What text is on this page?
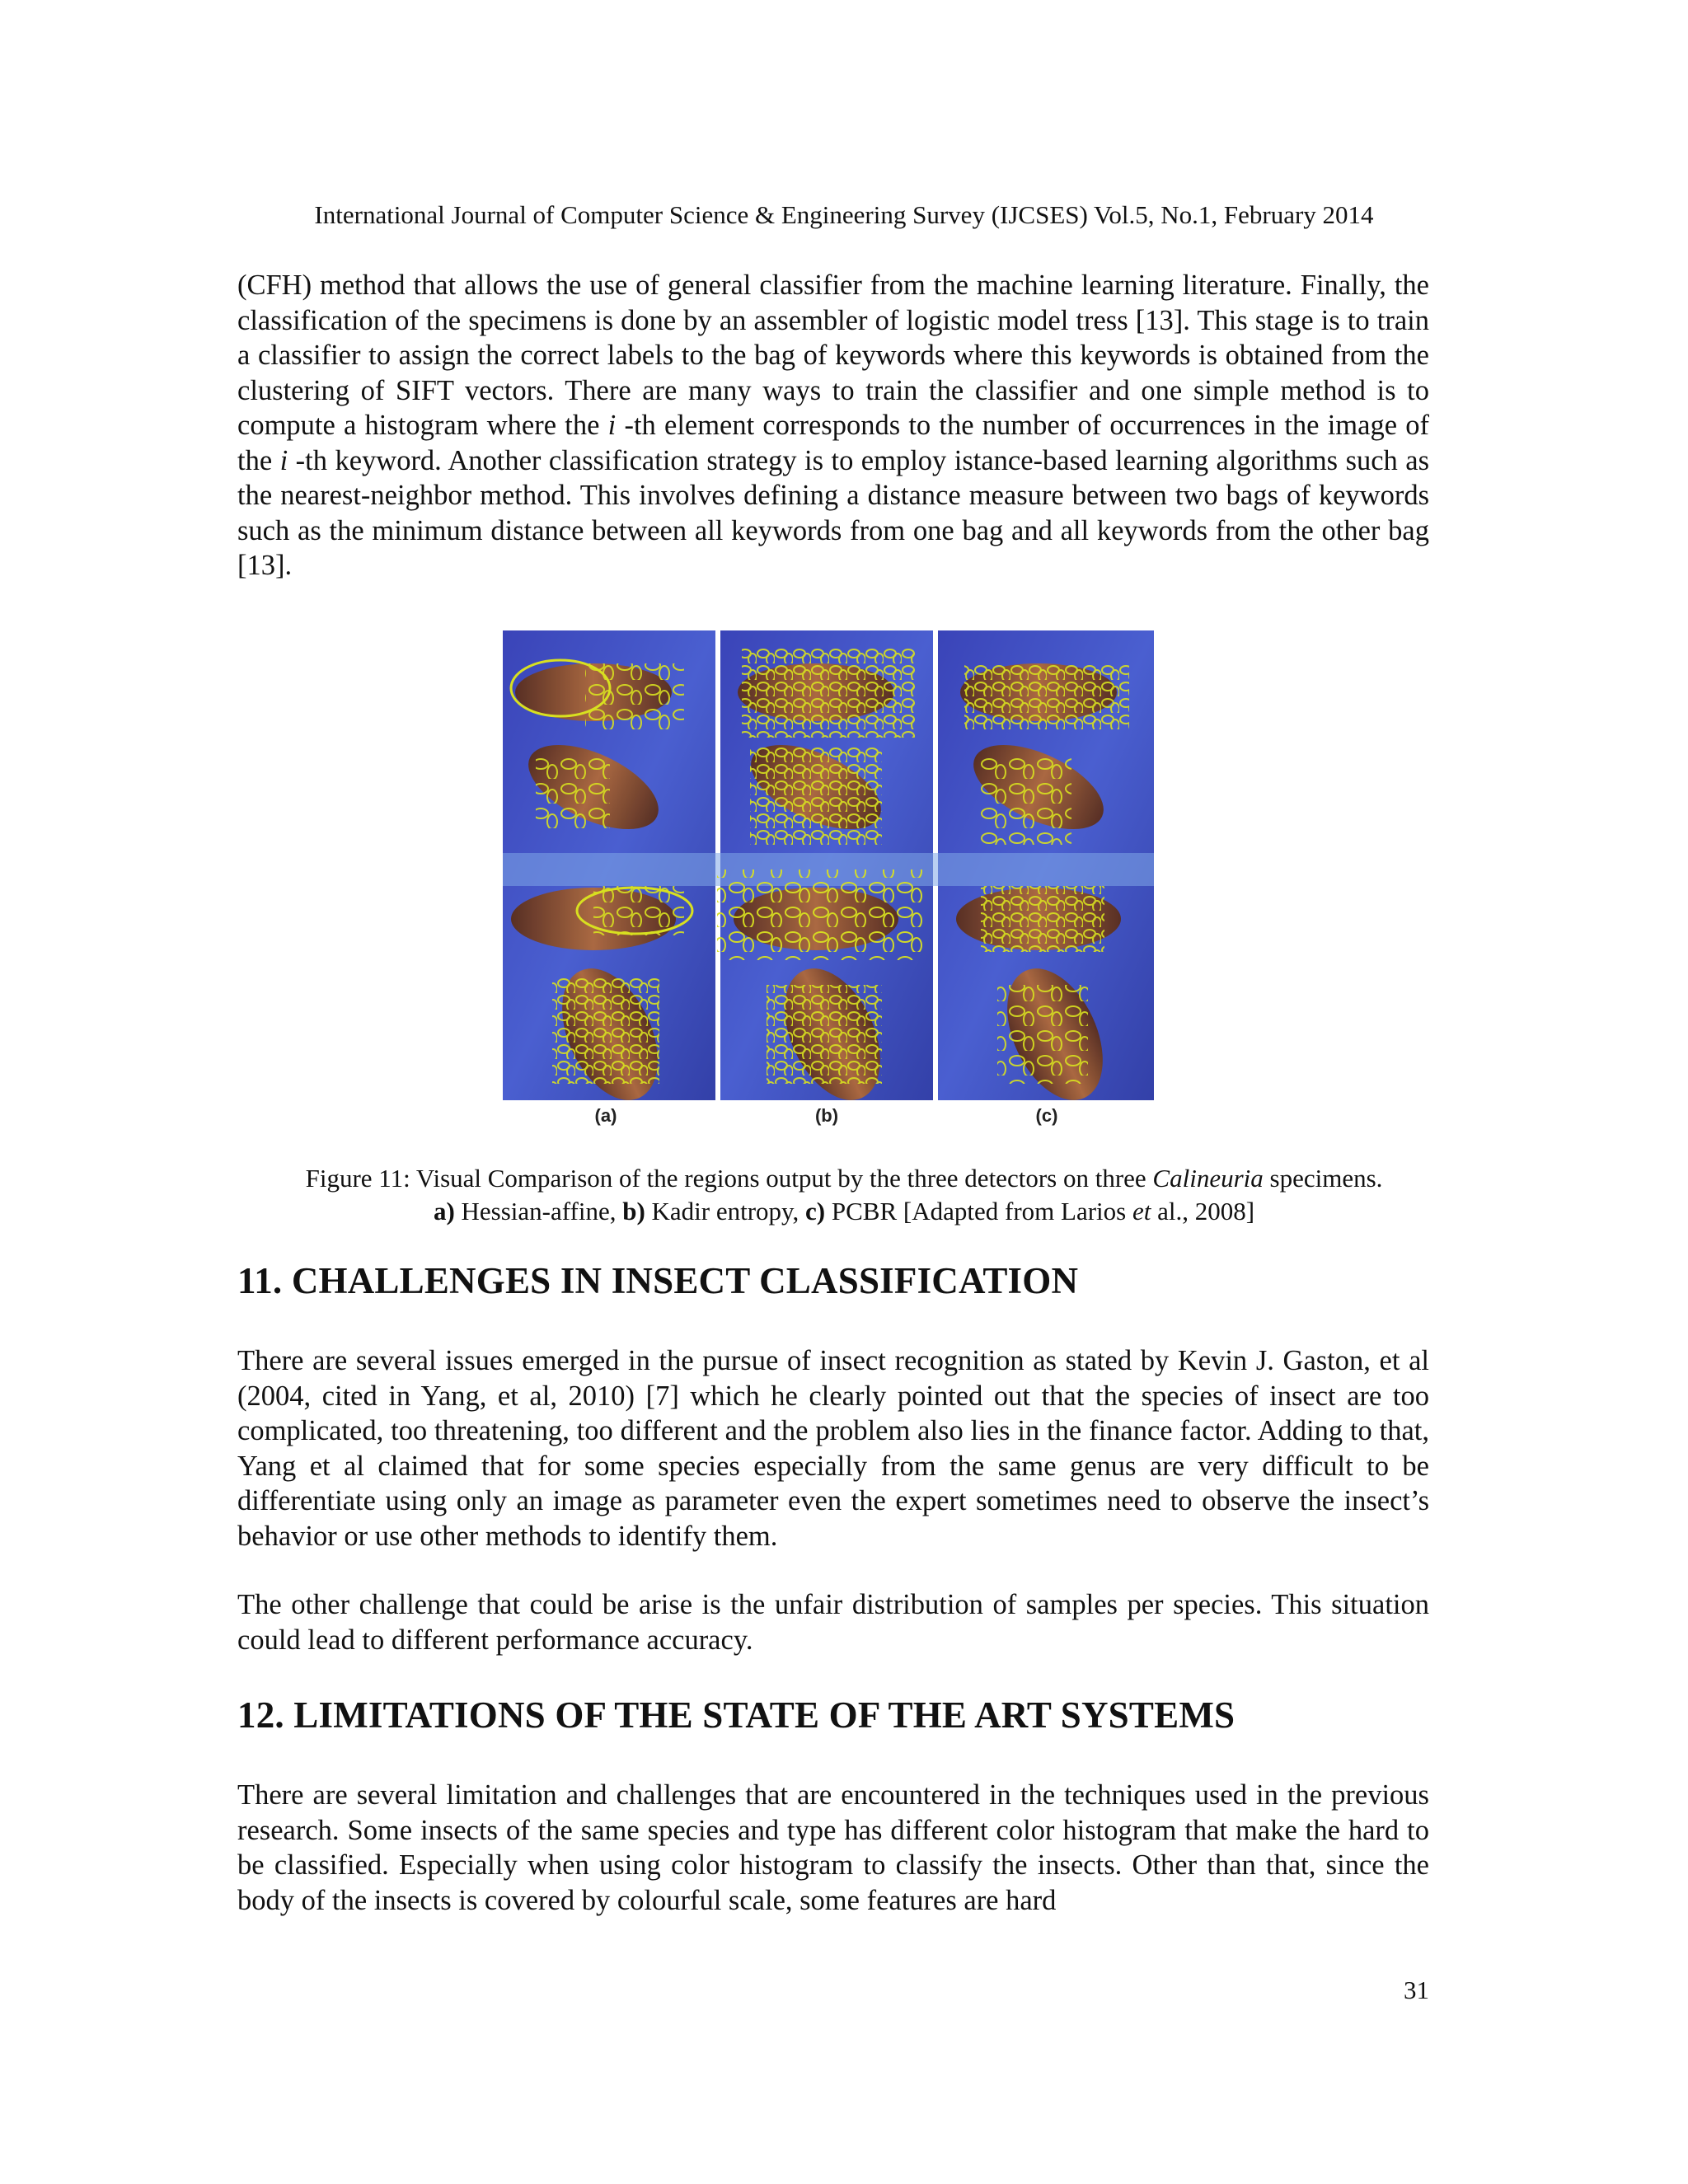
International Journal of Computer Science & Engineering Survey (IJCSES) Vol.5, No.1, February 2014

(CFH) method that allows the use of general classifier from the machine learning literature. Finally, the classification of the specimens is done by an assembler of logistic model tress [13]. This stage is to train a classifier to assign the correct labels to the bag of keywords where this keywords is obtained from the clustering of SIFT vectors. There are many ways to train the classifier and one simple method is to compute a histogram where the i -th element corresponds to the number of occurrences in the image of the i -th keyword. Another classification strategy is to employ istance-based learning algorithms such as the nearest-neighbor method. This involves defining a distance measure between two bags of keywords such as the minimum distance between all keywords from one bag and all keywords from the other bag [13].

(a)	(b)	(c)
Figure 11: Visual Comparison of the regions output by the three detectors on three Calineuria specimens.
a) Hessian-affine, b) Kadir entropy, c) PCBR [Adapted from Larios et al., 2008]
11. CHALLENGES IN INSECT CLASSIFICATION

There are several issues emerged in the pursue of insect recognition as stated by Kevin J. Gaston, et al (2004, cited in Yang, et al, 2010) [7] which he clearly pointed out that the species of insect are too complicated, too threatening, too different and the problem also lies in the finance factor. Adding to that, Yang et al claimed that for some species especially from the same genus are very difficult to be differentiate using only an image as parameter even the expert sometimes need to observe the insect’s behavior or use other methods to identify them.

The other challenge that could be arise is the unfair distribution of samples per species. This situation could lead to different performance accuracy.

12. LIMITATIONS OF THE STATE OF THE ART SYSTEMS

There are several limitation and challenges that are encountered in the techniques used in the previous research. Some insects of the same species and type has different color histogram that make the hard to be classified. Especially when using color histogram to classify the insects. Other than that, since the body of the insects is covered by colourful scale, some features are hard

31
